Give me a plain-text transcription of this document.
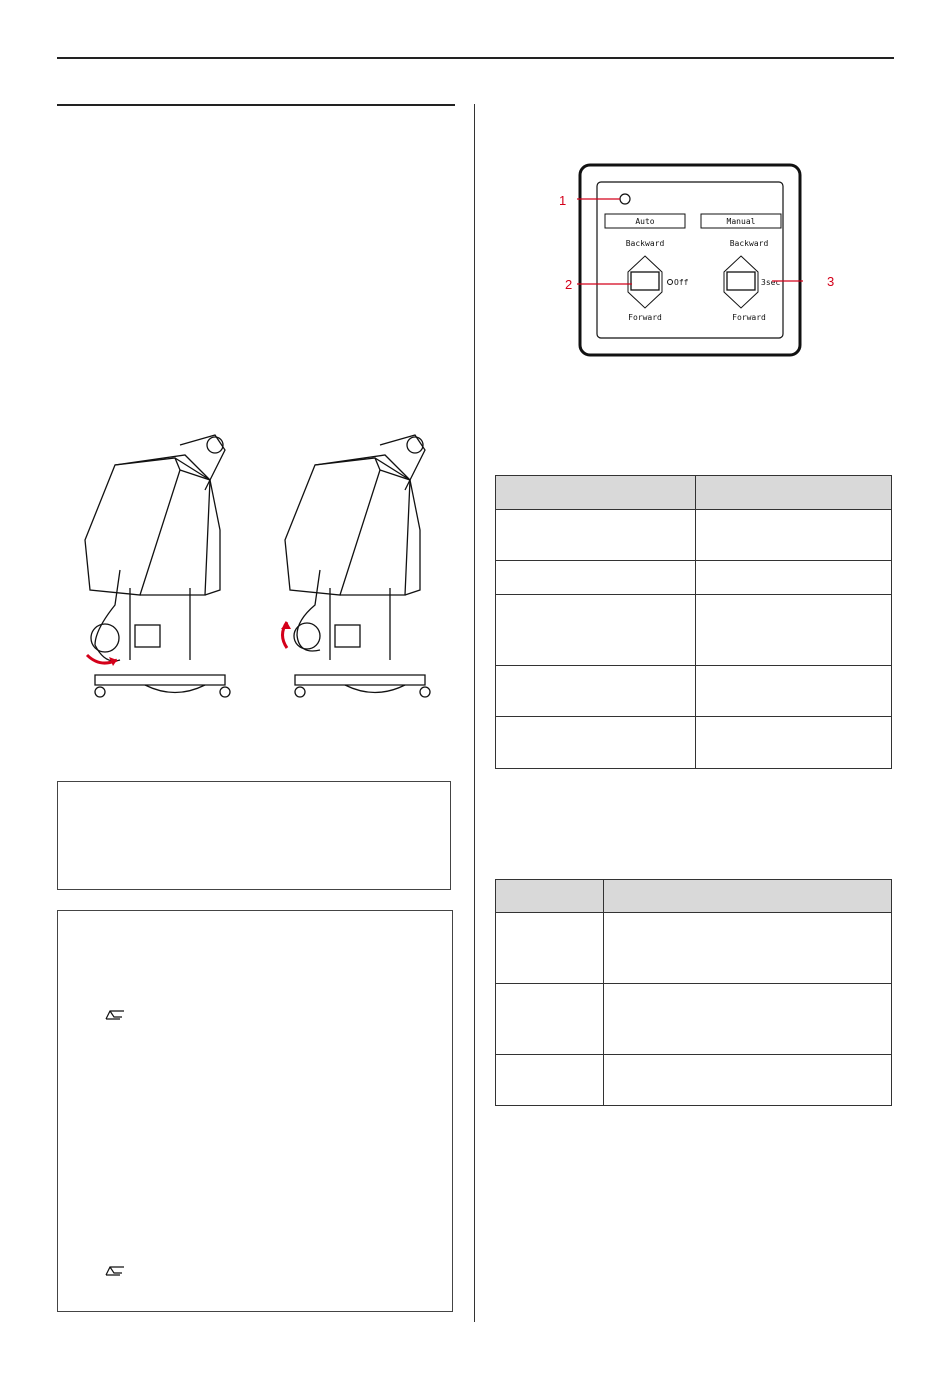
Auto
Backward
Forward
Off
Manual
Backward
Forward
3sec
1
2	3
